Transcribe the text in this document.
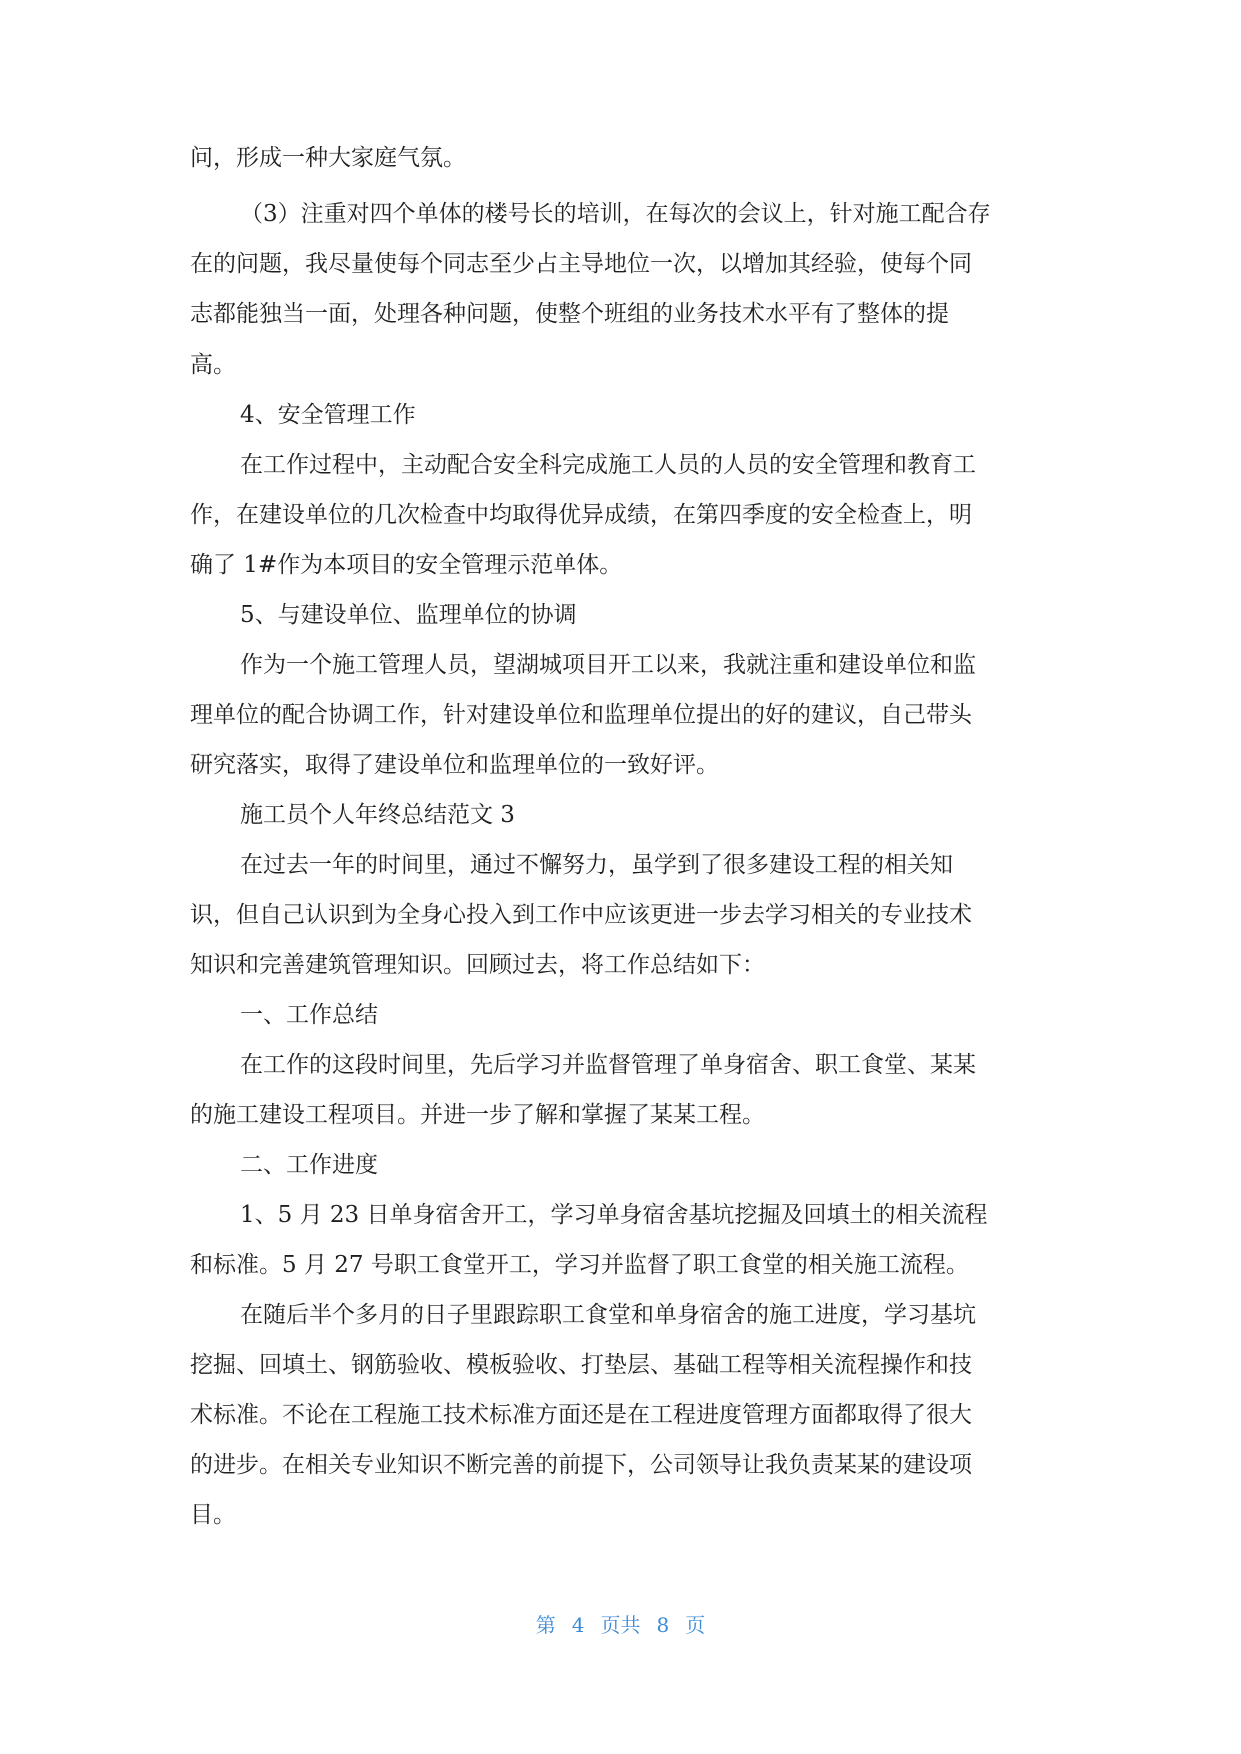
问，形成一种大家庭气氛。

（3）注重对四个单体的楼号长的培训，在每次的会议上，针对施工配合存

在的问题，我尽量使每个同志至少占主导地位一次，以增加其经验，使每个同

志都能独当一面，处理各种问题，使整个班组的业务技术水平有了整体的提

高。

4、安全管理工作

在工作过程中，主动配合安全科完成施工人员的人员的安全管理和教育工

作，在建设单位的几次检查中均取得优异成绩，在第四季度的安全检查上，明

确了 1#作为本项目的安全管理示范单体。

5、与建设单位、监理单位的协调

作为一个施工管理人员，望湖城项目开工以来，我就注重和建设单位和监

理单位的配合协调工作，针对建设单位和监理单位提出的好的建议，自己带头

研究落实，取得了建设单位和监理单位的一致好评。

施工员个人年终总结范文 3

在过去一年的时间里，通过不懈努力，虽学到了很多建设工程的相关知

识，但自己认识到为全身心投入到工作中应该更进一步去学习相关的专业技术

知识和完善建筑管理知识。回顾过去，将工作总结如下：

一、工作总结

在工作的这段时间里，先后学习并监督管理了单身宿舍、职工食堂、某某

的施工建设工程项目。并进一步了解和掌握了某某工程。

二、工作进度

1、5 月 23 日单身宿舍开工，学习单身宿舍基坑挖掘及回填土的相关流程

和标准。5 月 27 号职工食堂开工，学习并监督了职工食堂的相关施工流程。

在随后半个多月的日子里跟踪职工食堂和单身宿舍的施工进度，学习基坑

挖掘、回填土、钢筋验收、模板验收、打垫层、基础工程等相关流程操作和技

术标准。不论在工程施工技术标准方面还是在工程进度管理方面都取得了很大

的进步。在相关专业知识不断完善的前提下，公司领导让我负责某某的建设项

目。

第 4 页共 8 页
